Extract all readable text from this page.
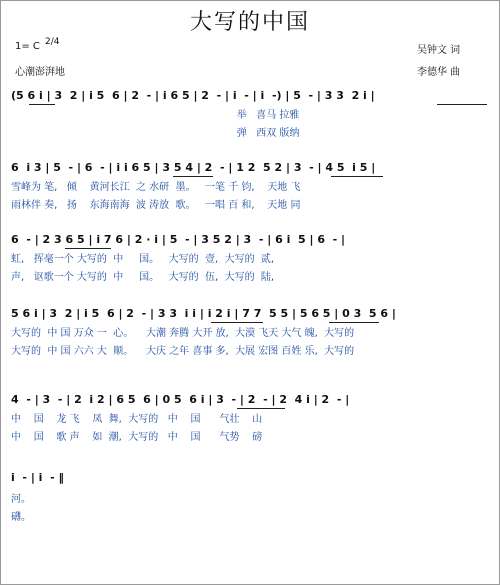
大写的中国
1= C 2/4
心潮澎湃地
吴钟文 词
李德华 曲
(5 6 i | 3  2 | i 5  6 | 2  - | i 6 5 | 2  - | i  - | i  -) | 5  - | 3 3  2 i |
举   喜马 拉雅
弹   西双 版纳
6  i 3 | 5  - | 6  - | i i 6 5 | 3 5 4 | 2  - | 1 2  5 2 | 3  - | 4 5  i 5 |
雪峰为 笔,   倾    黄河长江  之 水研  墨。   一笔 千 钧,    天地 飞
雨林伴 奏,   扬    东海南海  波 涛放  歌。   一唱 百 和,    天地 同
6  - | 2 3 6 5 | i 7 6 | 2 · i | 5  - | 3 5 2 | 3  - | 6 i  5 | 6  - |
虹,   挥毫一个 大写的  中     国。   大写的  壹,  大写的  贰,
声,   讴歌一个 大写的  中     国。   大写的  伍,  大写的  陆,
5 6 i | 3  2 | i 5  6 | 2  - | 3 3  i i | i 2 i | 7 7  5 5 | 5 6 5 | 0 3  5 6 |
大写的  中 国 万众 一  心。    大潮 奔腾 大开 放,  大漠 飞天 大气 魄,  大写的
大写的  中 国 六六 大  顺。    大庆 之年 喜事 多,  大展 宏图 百姓 乐,  大写的
4  - | 3  - | 2  i 2 | 6 5  6 | 0 5  6 i | 3  - | 2  - | 2  4 i | 2  - |
中    国    龙 飞    凤  舞,  大写的   中    国      气壮    山
中    国    歌 声    如  潮,  大写的   中    国      气势    磅
i  - | i  - ‖
河。
礴。
